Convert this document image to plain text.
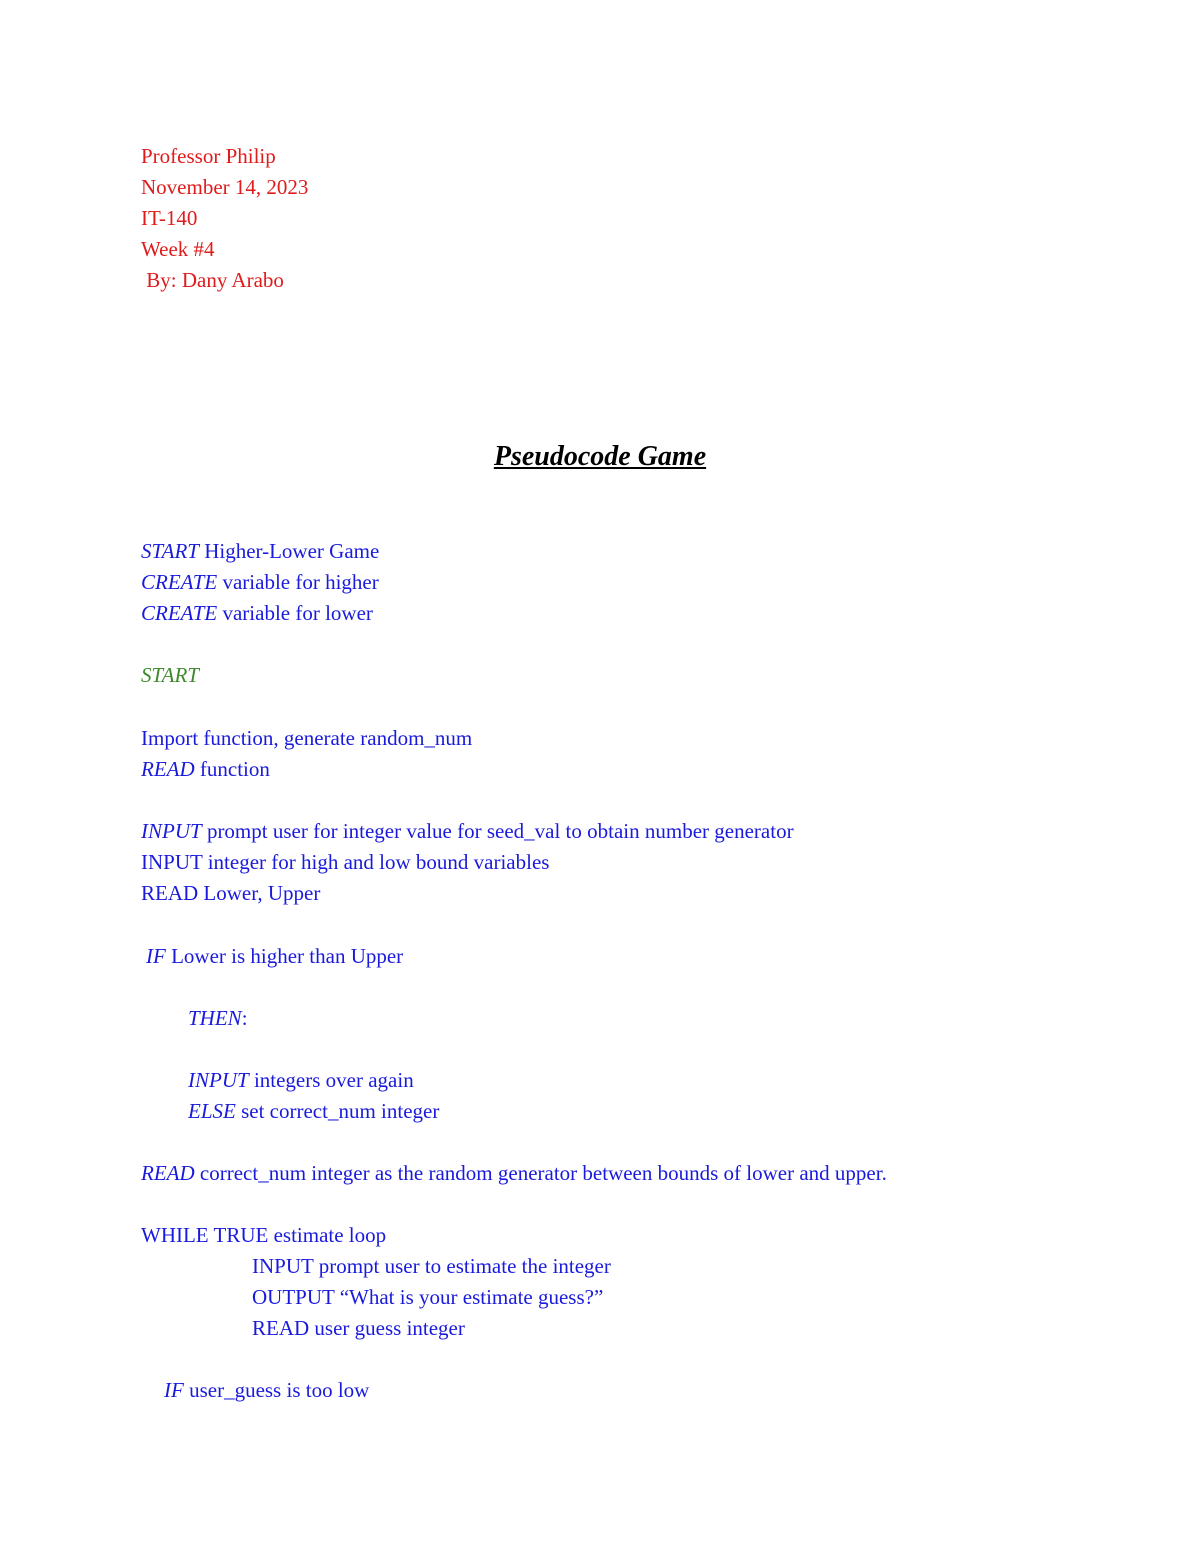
Professor Philip
November 14, 2023
IT-140
Week #4
By: Dany Arabo
Pseudocode Game
START Higher-Lower Game
CREATE variable for higher
CREATE variable for lower
START
Import function, generate random_num
READ function
INPUT prompt user for integer value for seed_val to obtain number generator
INPUT integer for high and low bound variables
READ Lower, Upper
IF Lower is higher than Upper
THEN:
INPUT integers over again
ELSE set correct_num integer
READ correct_num integer as the random generator between bounds of lower and upper.
WHILE TRUE estimate loop
INPUT prompt user to estimate the integer
OUTPUT “What is your estimate guess?”
READ user guess integer
IF user_guess is too low
